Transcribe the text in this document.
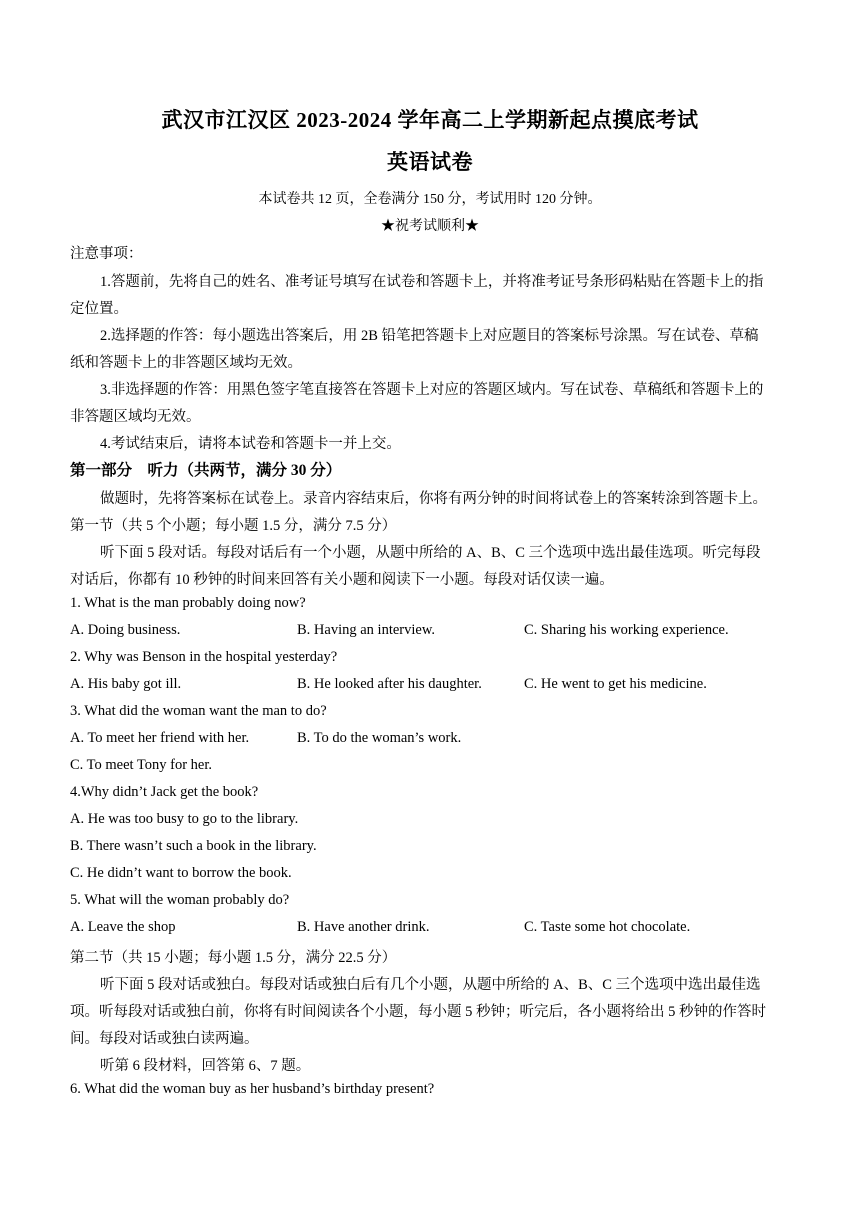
武汉市江汉区 2023-2024 学年高二上学期新起点摸底考试
英语试卷
本试卷共 12 页，全卷满分 150 分，考试用时 120 分钟。
★祝考试顺利★
注意事项：
1.答题前，先将自己的姓名、准考证号填写在试卷和答题卡上，并将准考证号条形码粘贴在答题卡上的指
定位置。
2.选择题的作答：每小题选出答案后，用 2B 铅笔把答题卡上对应题目的答案标号涂黑。写在试卷、草稿
纸和答题卡上的非答题区域均无效。
3.非选择题的作答：用黑色签字笔直接答在答题卡上对应的答题区域内。写在试卷、草稿纸和答题卡上的
非答题区域均无效。
4.考试结束后，请将本试卷和答题卡一并上交。
第一部分　听力（共两节，满分 30 分）
做题时，先将答案标在试卷上。录音内容结束后，你将有两分钟的时间将试卷上的答案转涂到答题卡上。
第一节（共 5 个小题；每小题 1.5 分，满分 7.5 分）
听下面 5 段对话。每段对话后有一个小题，从题中所给的 A、B、C 三个选项中选出最佳选项。听完每段
对话后，你都有 10 秒钟的时间来回答有关小题和阅读下一小题。每段对话仅读一遍。
1. What is the man probably doing now?
A. Doing business.	B. Having an interview.	C. Sharing his working experience.
2. Why was Benson in the hospital yesterday?
A. His baby got ill.	B. He looked after his daughter.	C. He went to get his medicine.
3. What did the woman want the man to do?
A. To meet her friend with her.	B. To do the woman’s work.
C. To meet Tony for her.
4.Why didn’t Jack get the book?
A. He was too busy to go to the library.
B. There wasn’t such a book in the library.
C. He didn’t want to borrow the book.
5. What will the woman probably do?
A. Leave the shop	B. Have another drink.	C. Taste some hot chocolate.
第二节（共 15 小题；每小题 1.5 分，满分 22.5 分）
听下面 5 段对话或独白。每段对话或独白后有几个小题，从题中所给的 A、B、C 三个选项中选出最佳选
项。听每段对话或独白前，你将有时间阅读各个小题，每小题 5 秒钟；听完后，各小题将给出 5 秒钟的作答时
间。每段对话或独白读两遍。
听第 6 段材料，回答第 6、7 题。
6. What did the woman buy as her husband’s birthday present?
